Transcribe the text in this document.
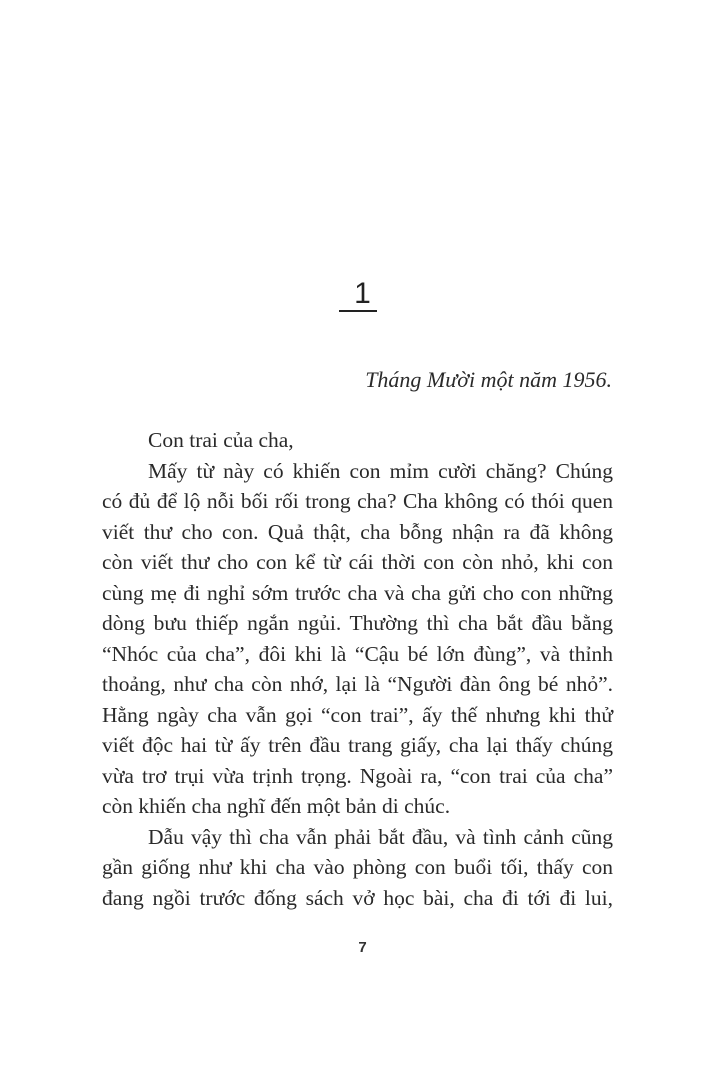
1
Tháng Mười một năm 1956.
Con trai của cha,
Mấy từ này có khiến con mỉm cười chăng? Chúng
có đủ để lộ nỗi bối rối trong cha? Cha không có thói quen
viết thư cho con. Quả thật, cha bỗng nhận ra đã không
còn viết thư cho con kể từ cái thời con còn nhỏ, khi con
cùng mẹ đi nghỉ sớm trước cha và cha gửi cho con những
dòng bưu thiếp ngắn ngủi. Thường thì cha bắt đầu bằng
“Nhóc của cha”, đôi khi là “Cậu bé lớn đùng”, và thỉnh
thoảng, như cha còn nhớ, lại là “Người đàn ông bé nhỏ”.
Hằng ngày cha vẫn gọi “con trai”, ấy thế nhưng khi thử
viết độc hai từ ấy trên đầu trang giấy, cha lại thấy chúng
vừa trơ trụi vừa trịnh trọng. Ngoài ra, “con trai của cha”
còn khiến cha nghĩ đến một bản di chúc.
Dẫu vậy thì cha vẫn phải bắt đầu, và tình cảnh cũng
gần giống như khi cha vào phòng con buổi tối, thấy con
đang ngồi trước đống sách vở học bài, cha đi tới đi lui,
7
